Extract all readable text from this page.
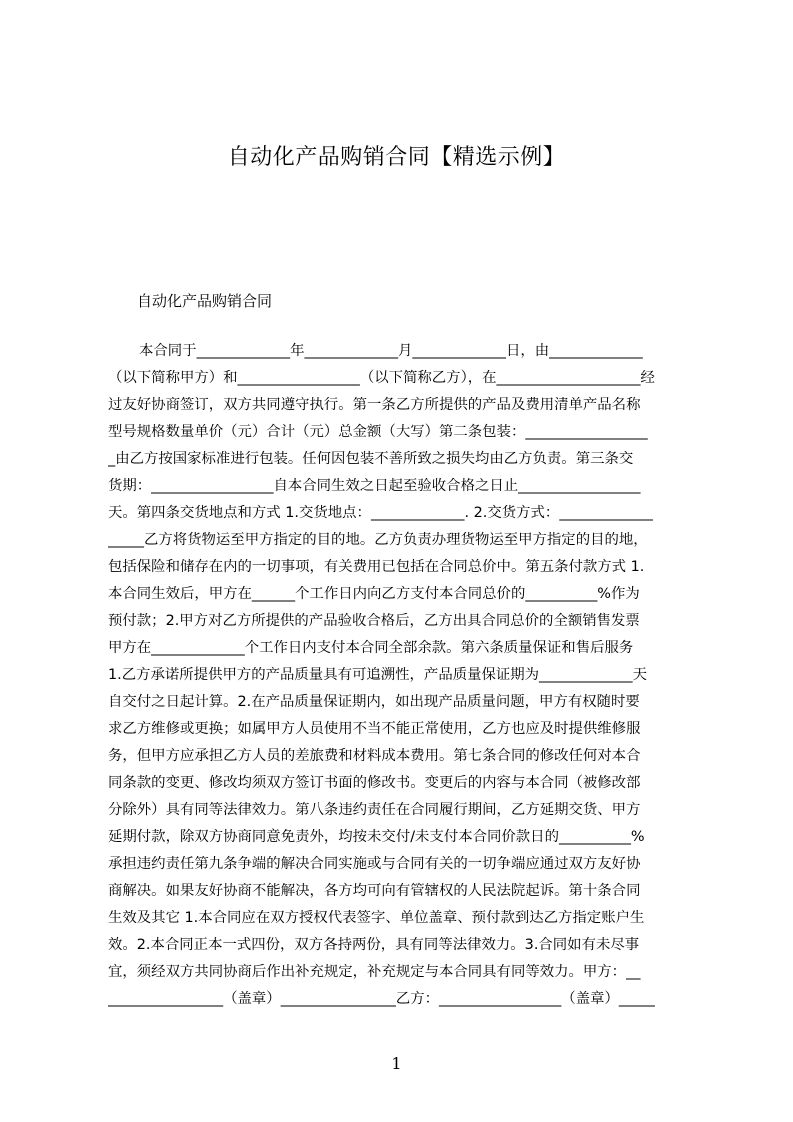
自动化产品购销合同【精选示例】
自动化产品购销合同
本合同于_____________年_____________月_____________日，由_____________
（以下简称甲方）和_________________（以下简称乙方），在____________________经
过友好协商签订，双方共同遵守执行。第一条乙方所提供的产品及费用清单产品名称
型号规格数量单价（元）合计（元）总金额（大写）第二条包装：_________________
_由乙方按国家标准进行包装。任何因包装不善所致之损失均由乙方负责。第三条交
货期：_________________自本合同生效之日起至验收合格之日止_________________
天。第四条交货地点和方式 1.交货地点：_____________. 2.交货方式：_____________
_____乙方将货物运至甲方指定的目的地。乙方负责办理货物运至甲方指定的目的地，
包括保险和储存在内的一切事项，有关费用已包括在合同总价中。第五条付款方式 1.
本合同生效后，甲方在______个工作日内向乙方支付本合同总价的__________%作为
预付款；2.甲方对乙方所提供的产品验收合格后，乙方出具合同总价的全额销售发票
甲方在_____________个工作日内支付本合同全部余款。第六条质量保证和售后服务
1.乙方承诺所提供甲方的产品质量具有可追溯性，产品质量保证期为_____________天
自交付之日起计算。2.在产品质量保证期内，如出现产品质量问题，甲方有权随时要
求乙方维修或更换；如属甲方人员使用不当不能正常使用，乙方也应及时提供维修服
务，但甲方应承担乙方人员的差旅费和材料成本费用。第七条合同的修改任何对本合
同条款的变更、修改均须双方签订书面的修改书。变更后的内容与本合同（被修改部
分除外）具有同等法律效力。第八条违约责任在合同履行期间，乙方延期交货、甲方
延期付款，除双方协商同意免责外，均按未交付/未支付本合同价款日的__________%
承担违约责任第九条争端的解决合同实施或与合同有关的一切争端应通过双方友好协
商解决。如果友好协商不能解决，各方均可向有管辖权的人民法院起诉。第十条合同
生效及其它 1.本合同应在双方授权代表签字、单位盖章、预付款到达乙方指定账户生
效。2.本合同正本一式四份，双方各持两份，具有同等法律效力。3.合同如有未尽事
宜，须经双方共同协商后作出补充规定，补充规定与本合同具有同等效力。甲方：__
________________（盖章）________________乙方：_________________（盖章）_____
1
